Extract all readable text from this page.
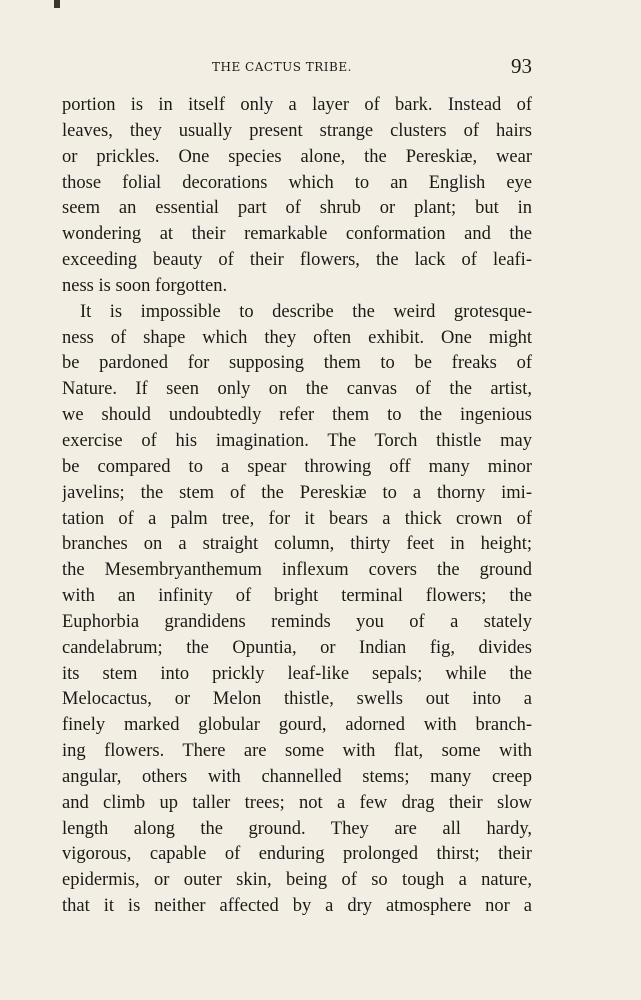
THE CACTUS TRIBE.	93
portion is in itself only a layer of bark. Instead of
leaves, they usually present strange clusters of hairs
or prickles. One species alone, the Pereskiæ, wear
those folial decorations which to an English eye
seem an essential part of shrub or plant; but in
wondering at their remarkable conformation and the
exceeding beauty of their flowers, the lack of leafi-
ness is soon forgotten.
It is impossible to describe the weird grotesque-
ness of shape which they often exhibit. One might
be pardoned for supposing them to be freaks of
Nature. If seen only on the canvas of the artist,
we should undoubtedly refer them to the ingenious
exercise of his imagination. The Torch thistle may
be compared to a spear throwing off many minor
javelins; the stem of the Pereskiæ to a thorny imi-
tation of a palm tree, for it bears a thick crown of
branches on a straight column, thirty feet in height;
the Mesembryanthemum inflexum covers the ground
with an infinity of bright terminal flowers; the
Euphorbia grandidens reminds you of a stately
candelabrum; the Opuntia, or Indian fig, divides
its stem into prickly leaf-like sepals; while the
Melocactus, or Melon thistle, swells out into a
finely marked globular gourd, adorned with branch-
ing flowers. There are some with flat, some with
angular, others with channelled stems; many creep
and climb up taller trees; not a few drag their slow
length along the ground. They are all hardy,
vigorous, capable of enduring prolonged thirst; their
epidermis, or outer skin, being of so tough a nature,
that it is neither affected by a dry atmosphere nor a
